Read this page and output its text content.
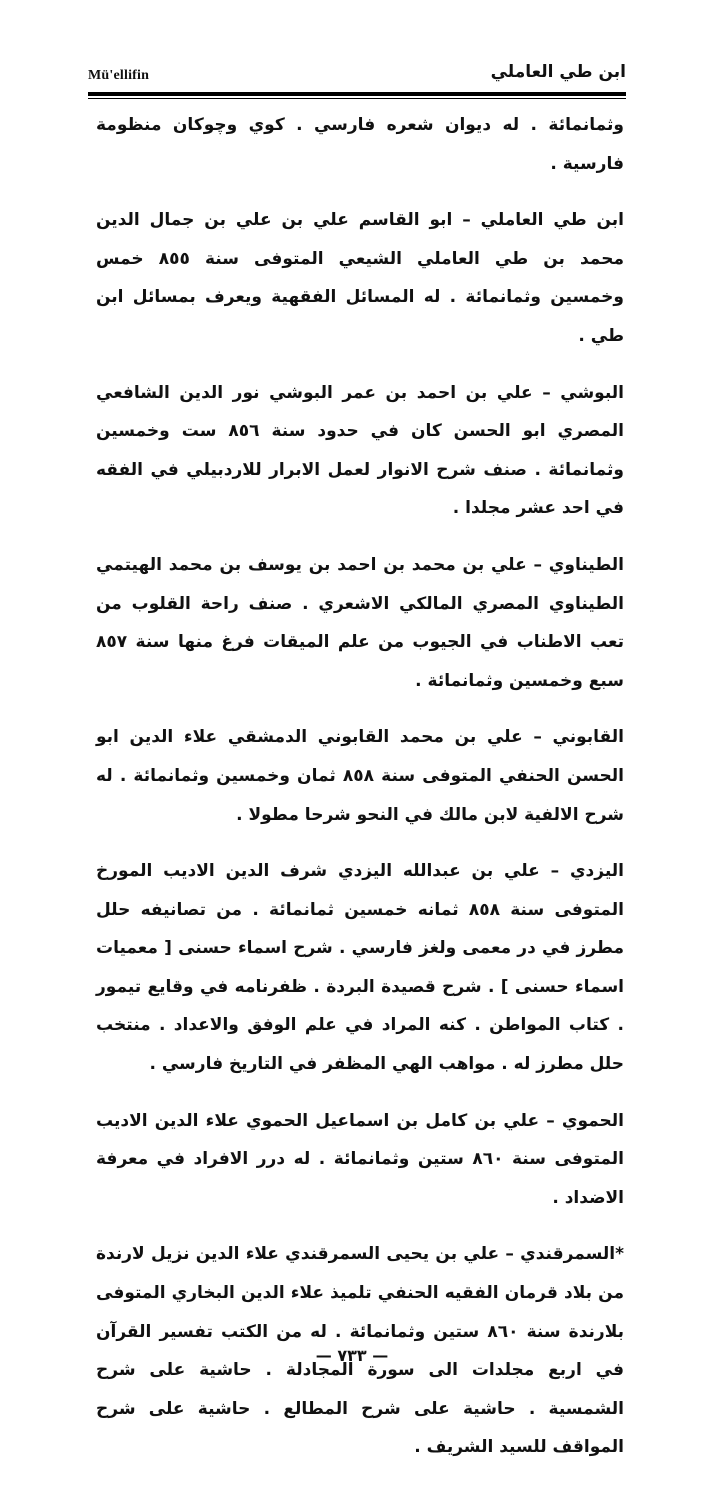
Mü'ellifin	ابن طي العاملي

وثمانمائة . له ديوان شعره فارسي . كوي وچوكان منظومة فارسية .

ابن طي العاملي – ابو القاسم علي بن علي بن جمال الدين محمد بن طي العاملي الشيعي المتوفى سنة ٨٥٥ خمس وخمسين وثمانمائة . له المسائل الفقهية ويعرف بمسائل ابن طي .

البوشي – علي بن احمد بن عمر البوشي نور الدين الشافعي المصري ابو الحسن كان في حدود سنة ٨٥٦ ست وخمسين وثمانمائة . صنف شرح الانوار لعمل الابرار للاردبيلي في الفقه في احد عشر مجلدا .

الطيناوي – علي بن محمد بن احمد بن يوسف بن محمد الهيتمي الطيناوي المصري المالكي الاشعري . صنف راحة القلوب من تعب الاطناب في الجيوب من علم الميقات فرغ منها سنة ٨٥٧ سبع وخمسين وثمانمائة .

القابوني – علي بن محمد القابوني الدمشقي علاء الدين ابو الحسن الحنفي المتوفى سنة ٨٥٨ ثمان وخمسين وثمانمائة . له شرح الالفية لابن مالك في النحو شرحا مطولا .

اليزدي – علي بن عبدالله اليزدي شرف الدين الاديب المورخ المتوفى سنة ٨٥٨ ثمانه خمسين ثمانمائة . من تصانيفه حلل مطرز في در معمى ولغز فارسي . شرح اسماء حسنى [ معميات اسماء حسنى ] . شرح قصيدة البردة . ظفرنامه في وقايع تيمور . كتاب المواطن . كنه المراد في علم الوفق والاعداد . منتخب حلل مطرز له . مواهب الهي المظفر في التاريخ فارسي .

الحموي – علي بن كامل بن اسماعيل الحموي علاء الدين الاديب المتوفى سنة ٨٦٠ ستين وثمانمائة . له درر الافراد في معرفة الاضداد .

*السمرقندي – علي بن يحيى السمرقندي علاء الدين نزيل لارندة من بلاد قرمان الفقيه الحنفي تلميذ علاء الدين البخاري المتوفى بلارندة سنة ٨٦٠ ستين وثمانمائة . له من الكتب تفسير القرآن في اربع مجلدات الى سورة المجادلة . حاشية على شرح الشمسية . حاشية على شرح المطالع . حاشية على شرح المواقف للسيد الشريف .

— ٧٣٣ —
